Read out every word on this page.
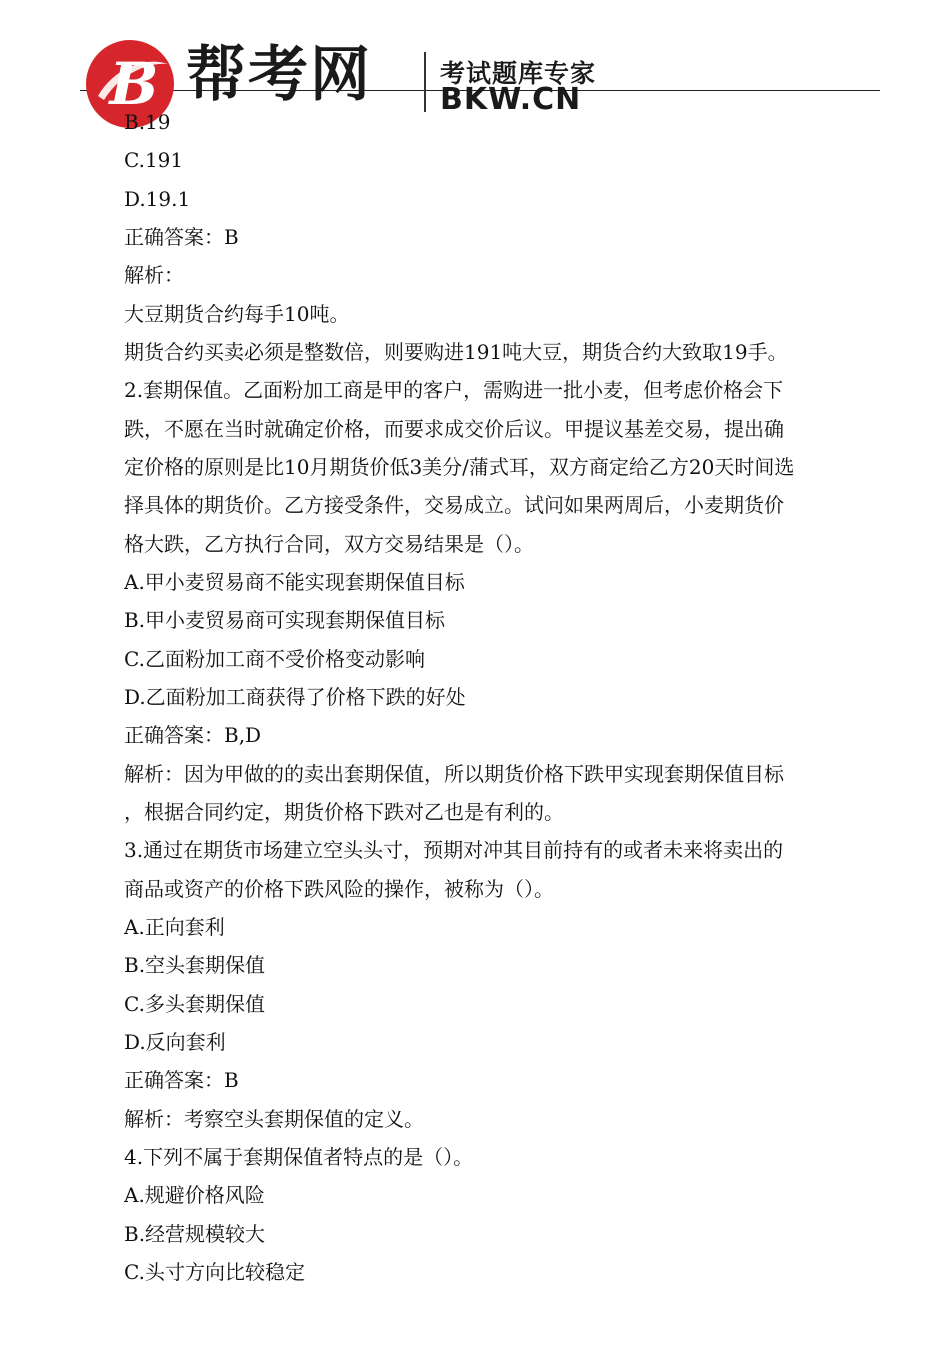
B 帮考网	考试题库专家
BKW.CN
B.19
C.191
D.19.1
正确答案：B
解析：
大豆期货合约每手10吨。
期货合约买卖必须是整数倍，则要购进191吨大豆，期货合约大致取19手。
2.套期保值。乙面粉加工商是甲的客户，需购进一批小麦，但考虑价格会下
跌，不愿在当时就确定价格，而要求成交价后议。甲提议基差交易，提出确
定价格的原则是比10月期货价低3美分/蒲式耳，双方商定给乙方20天时间选
择具体的期货价。乙方接受条件，交易成立。试问如果两周后，小麦期货价
格大跌，乙方执行合同，双方交易结果是（）。
A.甲小麦贸易商不能实现套期保值目标
B.甲小麦贸易商可实现套期保值目标
C.乙面粉加工商不受价格变动影响
D.乙面粉加工商获得了价格下跌的好处
正确答案：B,D
解析：因为甲做的的卖出套期保值，所以期货价格下跌甲实现套期保值目标
，根据合同约定，期货价格下跌对乙也是有利的。
3.通过在期货市场建立空头头寸，预期对冲其目前持有的或者未来将卖出的
商品或资产的价格下跌风险的操作，被称为（）。
A.正向套利
B.空头套期保值
C.多头套期保值
D.反向套利
正确答案：B
解析：考察空头套期保值的定义。
4.下列不属于套期保值者特点的是（）。
A.规避价格风险
B.经营规模较大
C.头寸方向比较稳定
